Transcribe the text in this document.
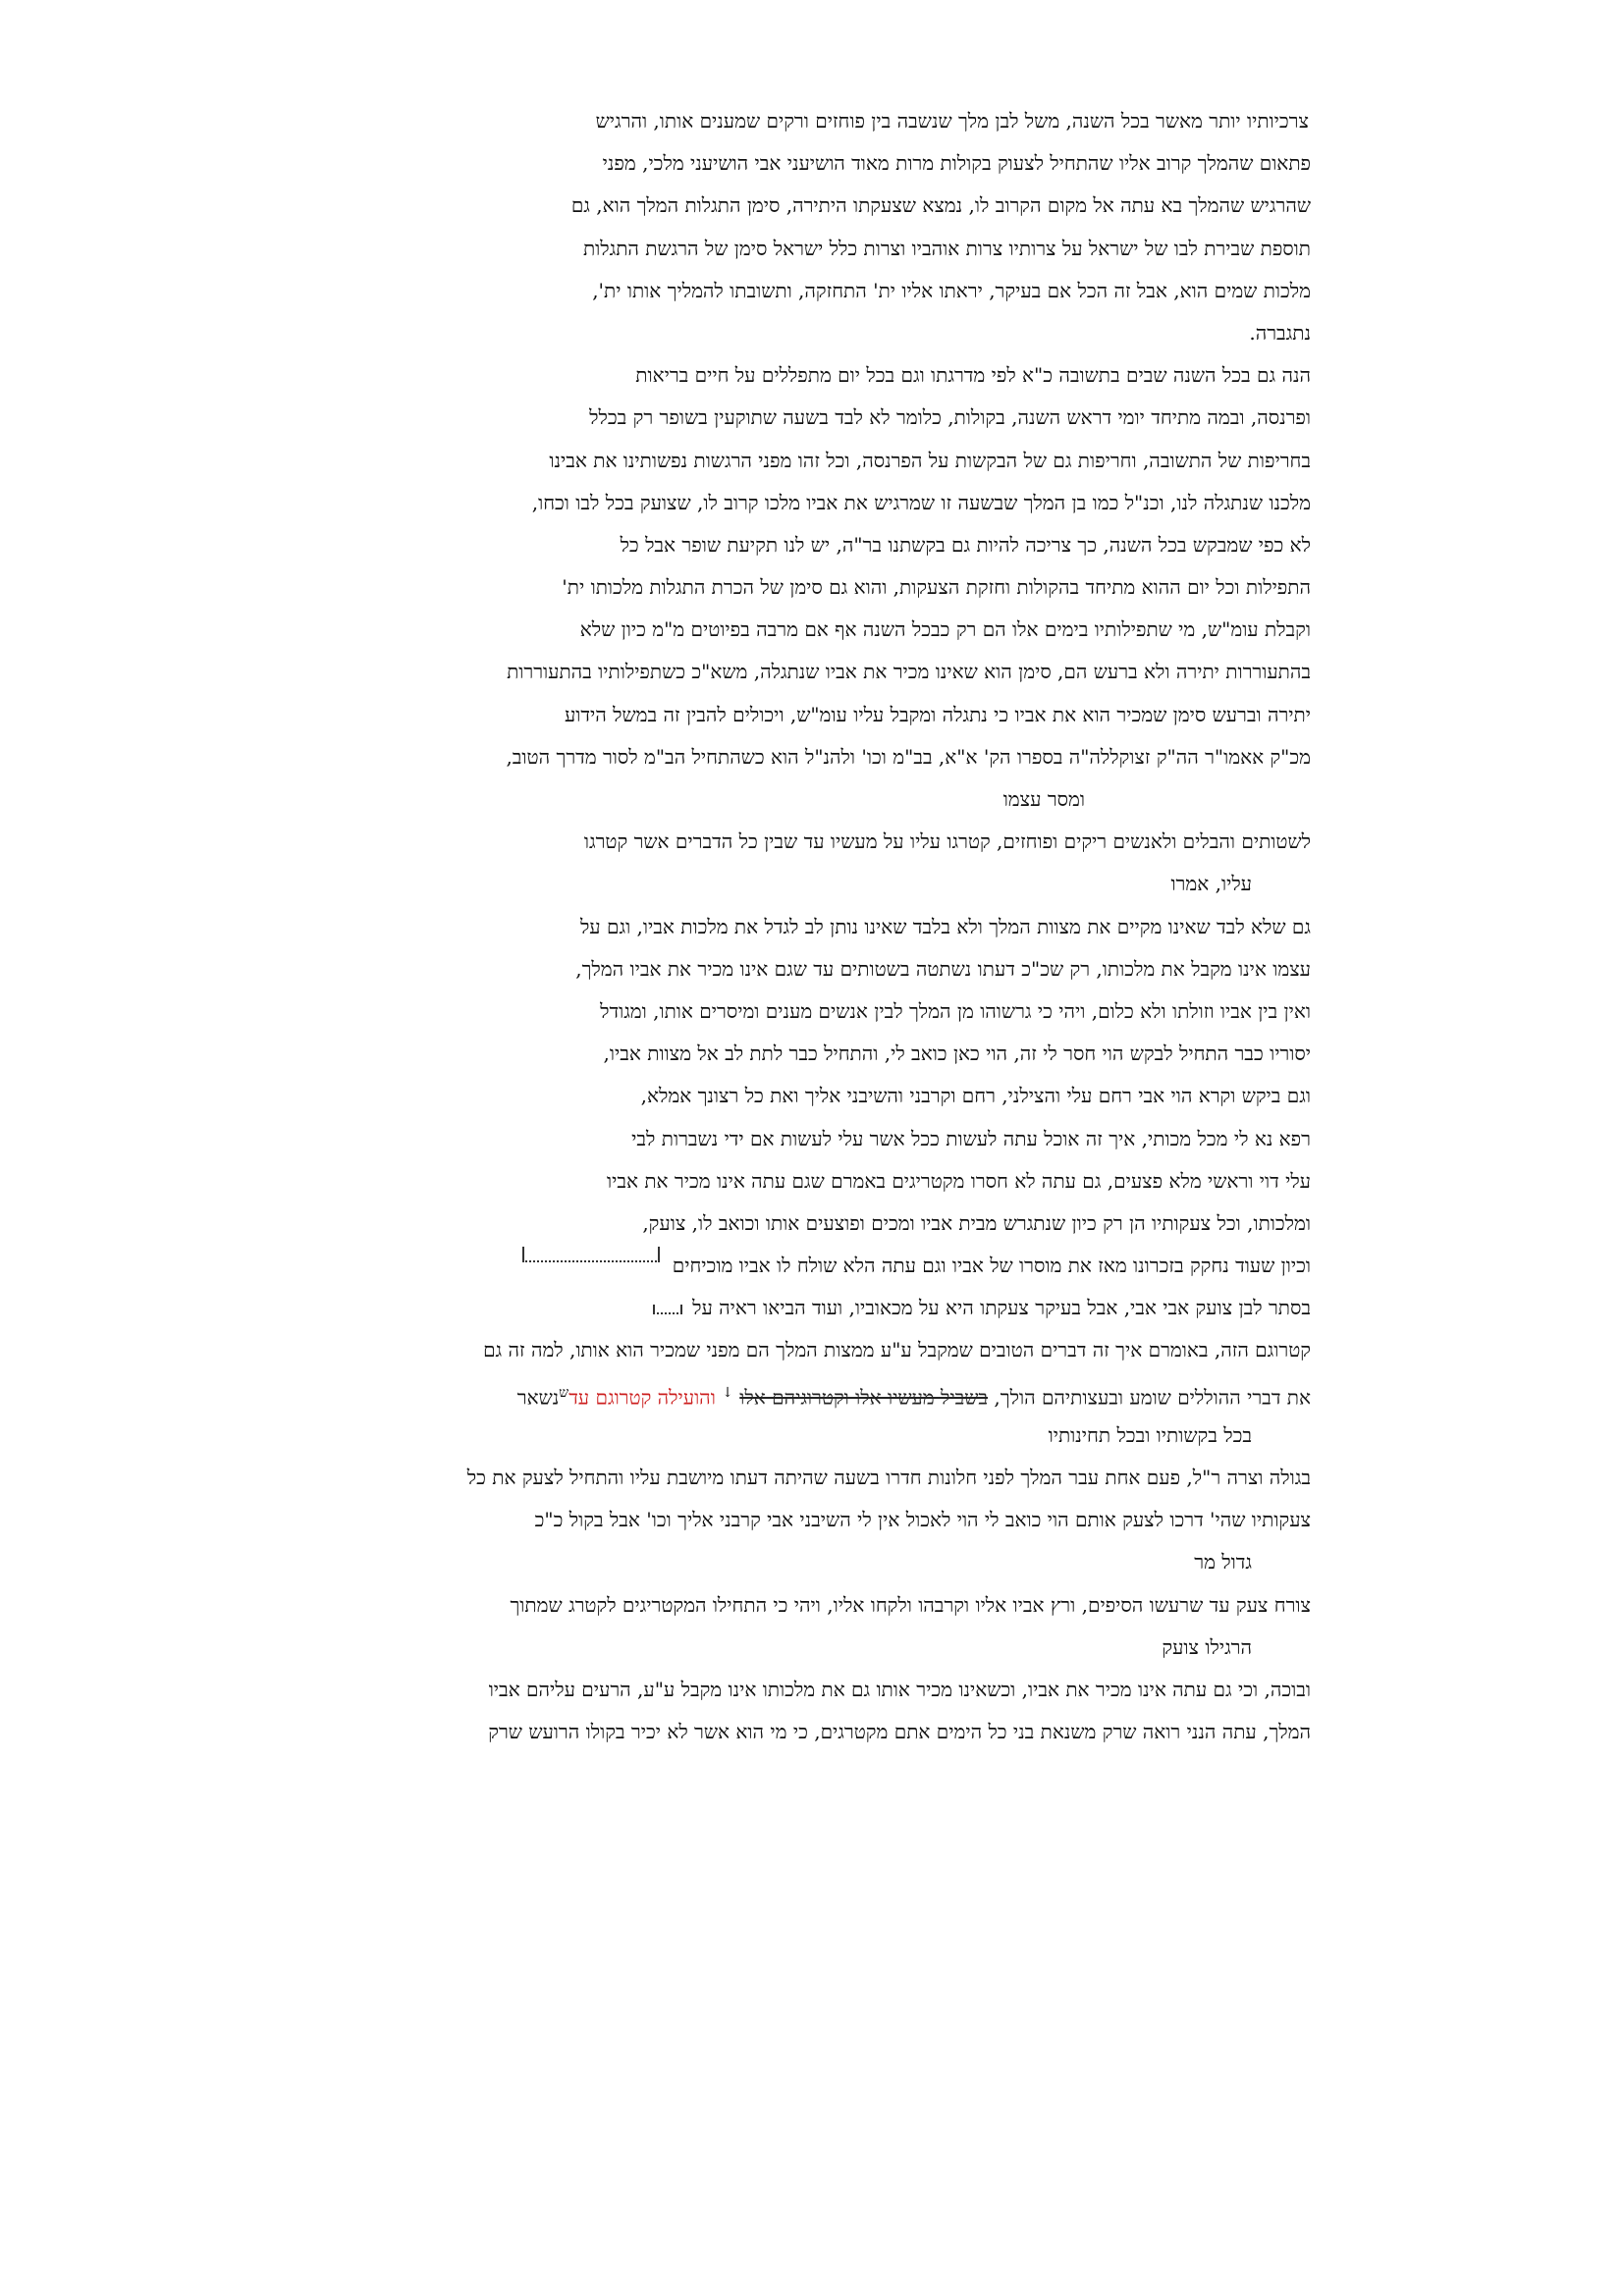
צרכיותיו יותר מאשר בכל השנה, משל לבן מלך שנשבה בין פוחזים ורקים שמענים אותו, והרגיש
פתאום שהמלך קרוב אליו שהתחיל לצעוק בקולות מרות מאוד הושיעני אבי הושיעני מלכי, מפני
שהרגיש שהמלך בא עתה אל מקום הקרוב לו, נמצא שצעקתו היתירה, סימן התגלות המלך הוא, גם
תוספת שבירת לבו של ישראל על צרותיו צרות אוהביו וצרות כלל ישראל סימן של הרגשת התגלות
מלכות שמים הוא, אבל זה הכל אם בעיקר, יראתו אליו ית' התחזקה, ותשובתו להמליך אותו ית',
נתגברה.
הנה גם בכל השנה שבים בתשובה כ"א לפי מדרגתו וגם בכל יום מתפללים על חיים בריאות
ופרנסה, ובמה מתיחד יומי דראש השנה, בקולות, כלומר לא לבד בשעה שתוקעין בשופר רק בכלל
בחריפות של התשובה, וחריפות גם של הבקשות על הפרנסה, וכל זהו מפני הרגשות נפשותינו את אבינו
מלכנו שנתגלה לנו, וכנ"ל כמו בן המלך שבשעה זו שמרגיש את אביו מלכו קרוב לו, שצועק בכל לבו וכחו,
לא כפי שמבקש בכל השנה, כך צריכה להיות גם בקשתנו בר"ה, יש לנו תקיעת שופר אבל כל
התפילות וכל יום ההוא מתיחד בהקולות וחזקת הצעקות, והוא גם סימן של הכרת התגלות מלכותו ית'
וקבלת עומ"ש, מי שתפילותיו בימים אלו הם רק כבכל השנה אף אם מרבה בפיוטים מ"מ כיון שלא
בהתעוררות יתירה ולא ברעש הם, סימן הוא שאינו מכיר את אביו שנתגלה, משא"כ כשתפילותיו בהתעוררות
יתירה וברעש סימן שמכיר הוא את אביו כי נתגלה ומקבל עליו עומ"ש, ויכולים להבין זה במשל הידוע
מכ"ק אאמו"ר הה"ק זצוקללה"ה בספרו הק' א"א, בב"מ וכו' ולהנ"ל הוא כשהתחיל הב"מ לסור מדרך הטוב,
ומסר עצמו
לשטותים והבלים ולאנשים ריקים ופוחזים, קטרגו עליו על מעשיו עד שבין כל הדברים אשר קטרגו
עליו, אמרו
גם שלא לבד שאינו מקיים את מצוות המלך ולא בלבד שאינו נותן לב לגדל את מלכות אביו, וגם על
עצמו אינו מקבל את מלכותו, רק שכ"כ דעתו נשתטה בשטותים עד שגם אינו מכיר את אביו המלך,
ואין בין אביו וזולתו ולא כלום, ויהי כי גרשוהו מן המלך לבין אנשים מענים ומיסרים אותו, ומגודל
יסוריו כבר התחיל לבקש הוי חסר לי זה, הוי כאן כואב לי, והתחיל כבר לתת לב אל מצוות אביו,
וגם ביקש וקרא הוי אבי רחם עלי והצילני, רחם וקרבני והשיבני אליך ואת כל רצונך אמלא,
רפא נא לי מכל מכותי, איך זה אוכל עתה לעשות ככל אשר עלי לעשות אם ידי נשברות לבי
עלי דוי וראשי מלא פצעים, גם עתה לא חסרו מקטריגים באמרם שגם עתה אינו מכיר את אביו
ומלכותו, וכל צעקותיו הן רק כיון שנתגרש מבית אביו ומכים ופוצעים אותו וכואב לו, צועק,
וכיון שעוד נחקק בזכרונו מאז את מוסרו של אביו וגם עתה הלא שולח לו אביו מוכיחים
בסתר לבן צועק אבי אבי, אבל בעיקר צעקתו היא על מכאוביו, ועוד הביאו ראיה על
קטרוגם הזה, באומרם איך זה דברים הטובים שמקבל ע"ע ממצות המלך הם מפני שמכיר הוא אותו, למה זה גם
את דברי ההוללים שומע ובעצותיהם הולך, בשביל מעשיו אלו וקטרוגיהם אלו ↓ והועילה קטרוגם עד$^ש$נשאר
בכל בקשותיו ובכל תחינותיו
בגולה וצרה ר"ל, פעם אחת עבר המלך לפני חלונות חדרו בשעה שהיתה דעתו מיושבת עליו והתחיל לצעק את כל
צעקותיו שהי' דרכו לצעק אותם הוי כואב לי הוי לאכול אין לי השיבני אבי קרבני אליך וכו' אבל בקול כ"כ
גדול מר
צורח צעק עד שרעשו הסיפים, ורץ אביו אליו וקרבהו ולקחו אליו, ויהי כי התחילו המקטריגים לקטרג שמתוך
הרגילו צועק
ובוכה, וכי גם עתה אינו מכיר את אביו, וכשאינו מכיר אותו גם את מלכותו אינו מקבל ע"ע, הרעים עליהם אביו
המלך, עתה הנני רואה שרק משנאת בני כל הימים אתם מקטרגים, כי מי הוא אשר לא יכיר בקולו הרועש שרק
